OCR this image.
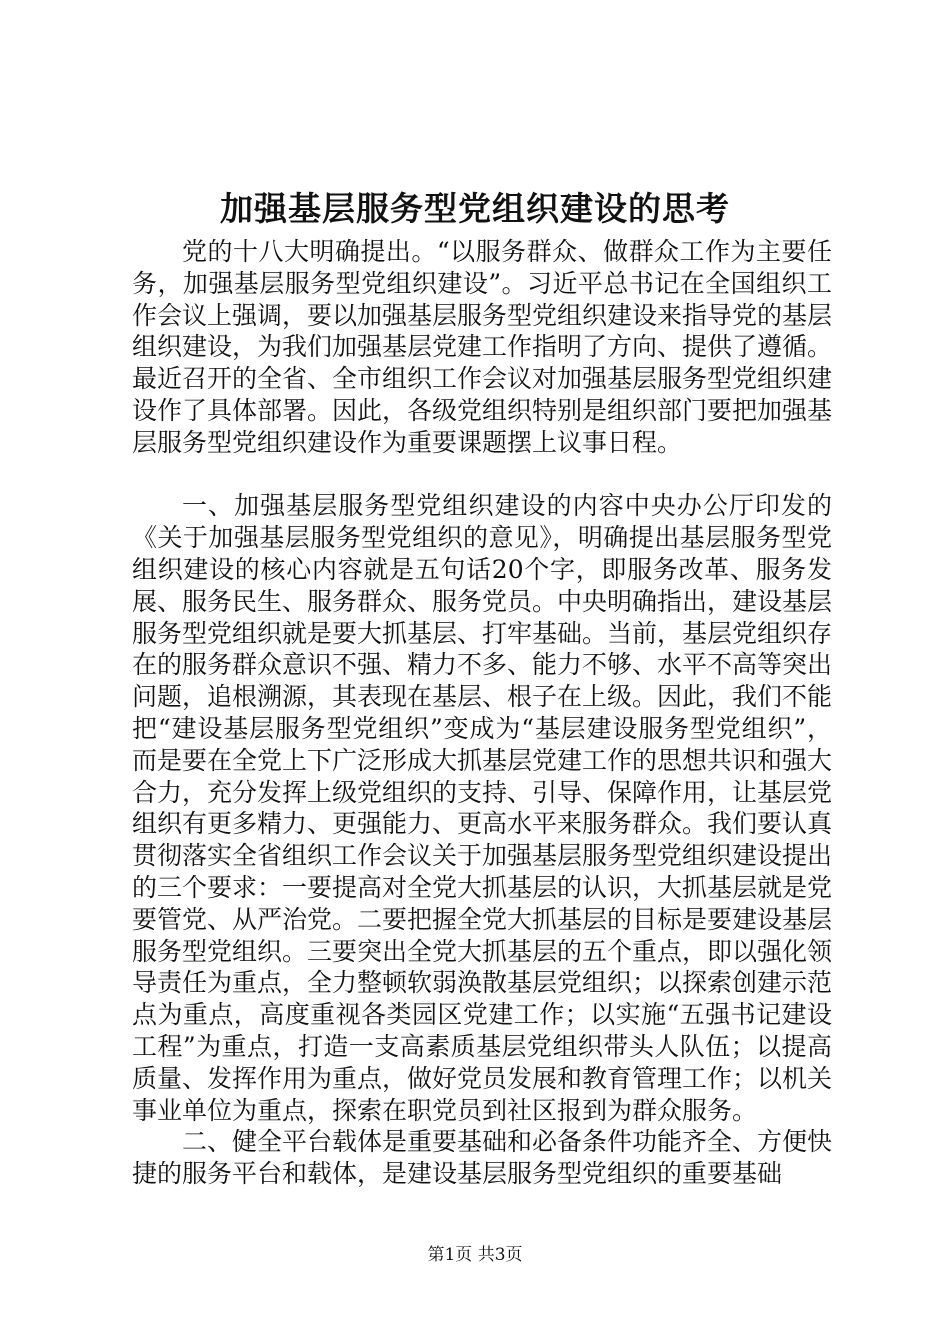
加强基层服务型党组织建设的思考

党的十八大明确提出。“以服务群众、做群众工作为主要任务，加强基层服务型党组织建设”。习近平总书记在全国组织工作会议上强调，要以加强基层服务型党组织建设来指导党的基层组织建设，为我们加强基层党建工作指明了方向、提供了遵循。最近召开的全省、全市组织工作会议对加强基层服务型党组织建设作了具体部署。因此，各级党组织特别是组织部门要把加强基层服务型党组织建设作为重要课题摆上议事日程。

一、加强基层服务型党组织建设的内容中央办公厅印发的《关于加强基层服务型党组织的意见》，明确提出基层服务型党组织建设的核心内容就是五句话20个字，即服务改革、服务发展、服务民生、服务群众、服务党员。中央明确指出，建设基层服务型党组织就是要大抓基层、打牢基础。当前，基层党组织存在的服务群众意识不强、精力不多、能力不够、水平不高等突出问题，追根溯源，其表现在基层、根子在上级。因此，我们不能把“建设基层服务型党组织”变成为“基层建设服务型党组织”，而是要在全党上下广泛形成大抓基层党建工作的思想共识和强大合力，充分发挥上级党组织的支持、引导、保障作用，让基层党组织有更多精力、更强能力、更高水平来服务群众。我们要认真贯彻落实全省组织工作会议关于加强基层服务型党组织建设提出的三个要求：一要提高对全党大抓基层的认识，大抓基层就是党要管党、从严治党。二要把握全党大抓基层的目标是要建设基层服务型党组织。三要突出全党大抓基层的五个重点，即以强化领导责任为重点，全力整顿软弱涣散基层党组织；以探索创建示范点为重点，高度重视各类园区党建工作；以实施“五强书记建设工程”为重点，打造一支高素质基层党组织带头人队伍；以提高质量、发挥作用为重点，做好党员发展和教育管理工作；以机关事业单位为重点，探索在职党员到社区报到为群众服务。

二、健全平台载体是重要基础和必备条件功能齐全、方便快捷的服务平台和载体，是建设基层服务型党组织的重要基础

第1页 共3页
